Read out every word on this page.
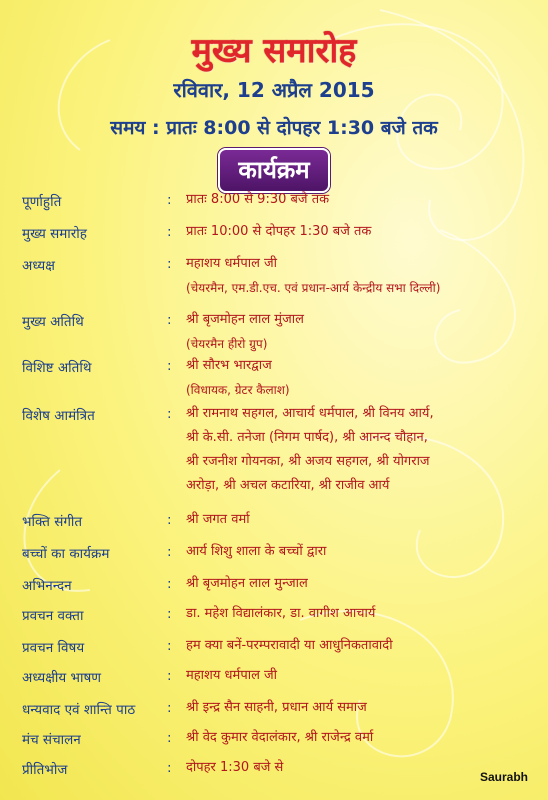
मुख्य समारोह
रविवार, 12 अप्रैल 2015
समय : प्रातः 8:00 से दोपहर 1:30 बजे तक
कार्यक्रम
पूर्णाहुति	: प्रातः 8:00 से 9:30 बजे तक
मुख्य समारोह	: प्रातः 10:00 से दोपहर 1:30 बजे तक
अध्यक्ष	: महाशय धर्मपाल जी
(चेयरमैन, एम.डी.एच. एवं प्रधान-आर्य केन्द्रीय सभा दिल्ली)
मुख्य अतिथि	: श्री बृजमोहन लाल मुंजाल
(चेयरमैन हीरो ग्रुप)
विशिष्ट अतिथि	: श्री सौरभ भारद्वाज
(विधायक, ग्रेटर कैलाश)
विशेष आमंत्रित	: श्री रामनाथ सहगल, आचार्य धर्मपाल, श्री विनय आर्य,
श्री के.सी. तनेजा (निगम पार्षद), श्री आनन्द चौहान,
श्री रजनीश गोयनका, श्री अजय सहगल, श्री योगराज
अरोड़ा, श्री अचल कटारिया, श्री राजीव आर्य
भक्ति संगीत	: श्री जगत वर्मा
बच्चों का कार्यक्रम	: आर्य शिशु शाला के बच्चों द्वारा
अभिनन्दन	: श्री बृजमोहन लाल मुन्जाल
प्रवचन वक्ता	: डा. महेश विद्यालंकार, डा. वागीश आचार्य
प्रवचन विषय	: हम क्या बनें-परम्परावादी या आधुनिकतावादी
अध्यक्षीय भाषण	: महाशय धर्मपाल जी
धन्यवाद एवं शान्ति पाठ : श्री इन्द्र सैन साहनी, प्रधान आर्य समाज
मंच संचालन	: श्री वेद कुमार वेदालंकार, श्री राजेन्द्र वर्मा
प्रीतिभोज	: दोपहर 1:30 बजे से
Saurabh
